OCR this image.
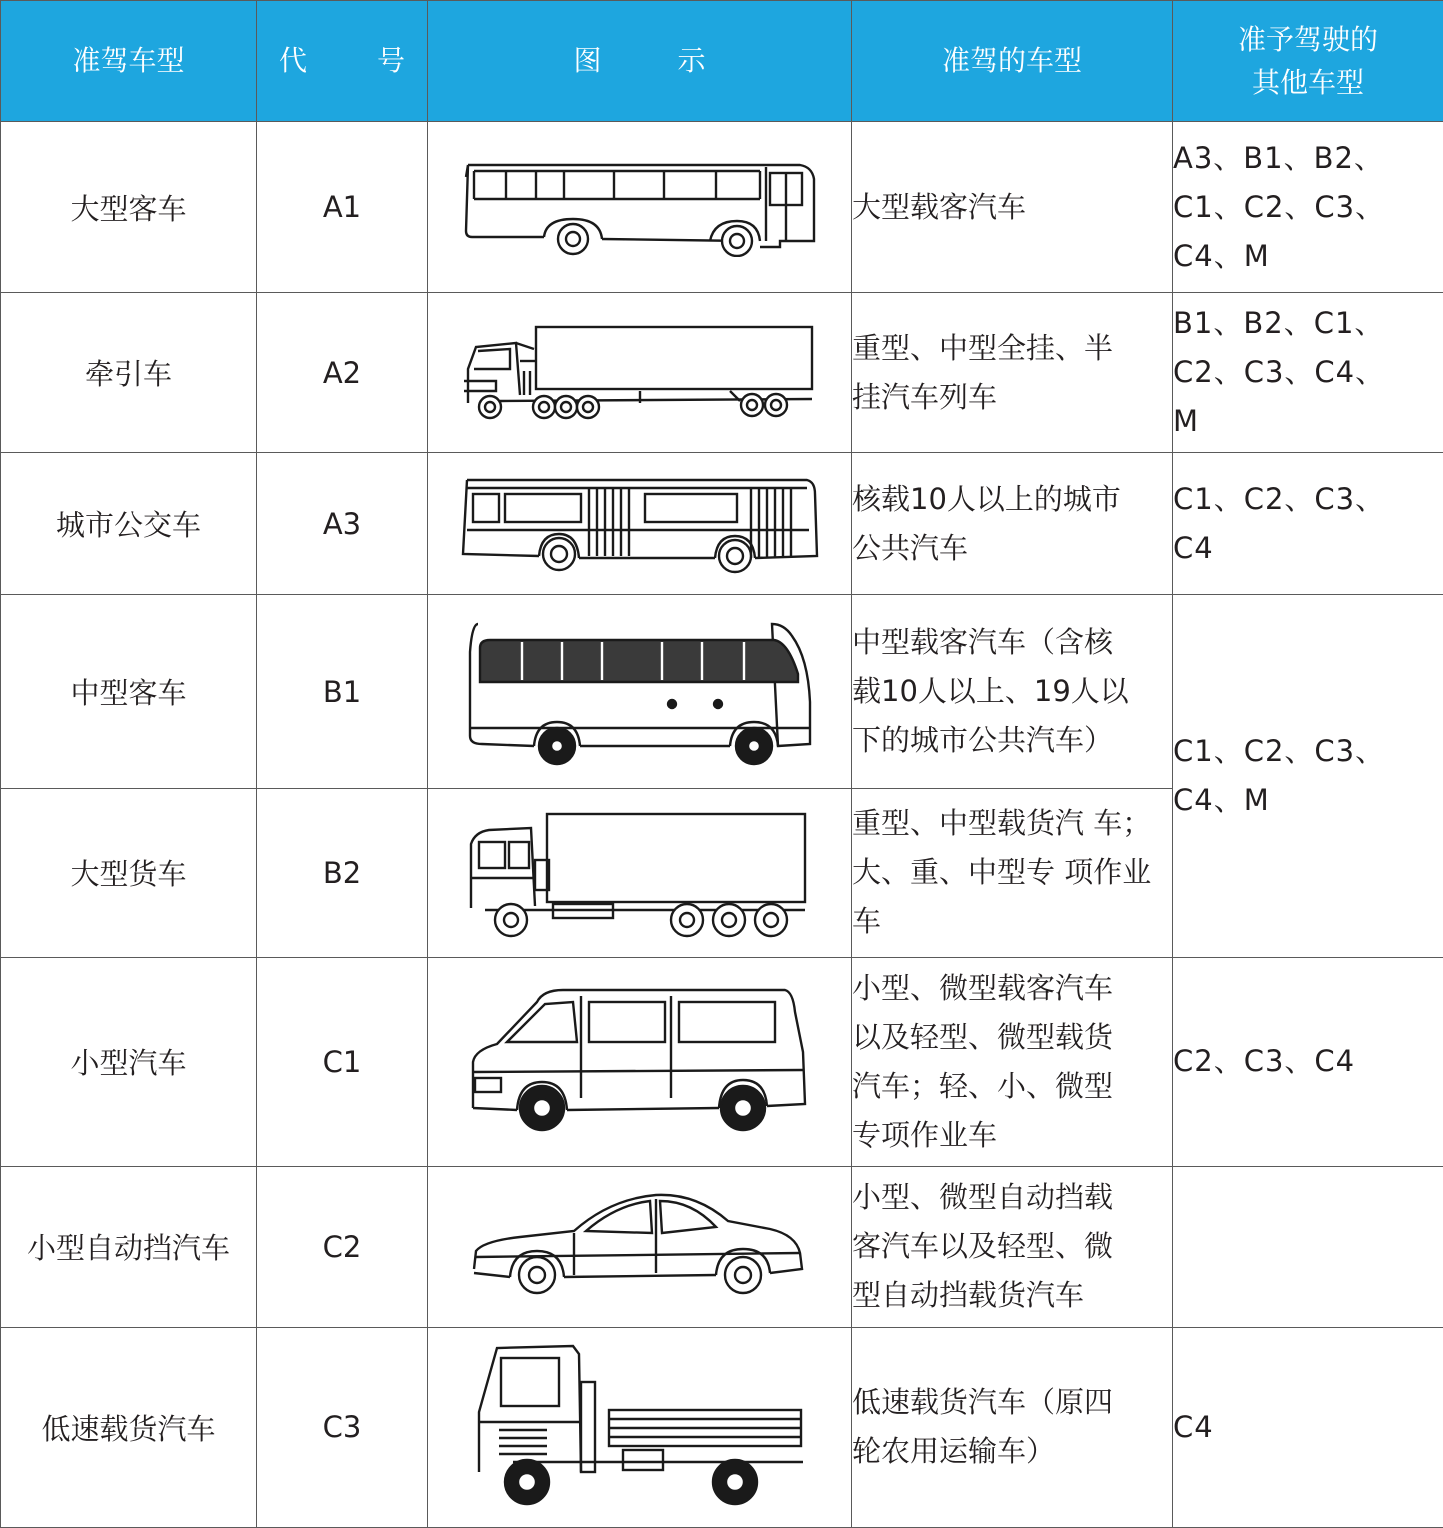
准驾车型	代 号	图 示	准驾的车型	准予驾驶的
其他车型
大型客车	A1		大型载客汽车	A3、B1、B2、
C1、C2、C3、
C4、M
牵引车	A2		重型、中型全挂、半
挂汽车列车	B1、B2、C1、
C2、C3、C4、
M
城市公交车	A3		核载10人以上的城市
公共汽车	C1、C2、C3、
C4
中型客车	B1		中型载客汽车（含核
载10人以上、19人以
下的城市公共汽车）	C1、C2、C3、
C4、M
大型货车	B2		重型、中型载货汽 车；大、重、中型专 项作业车	
小型汽车	C1		小型、微型载客汽车
以及轻型、微型载货
汽车；轻、小、微型
专项作业车	C2、C3、C4
小型自动挡汽车	C2		小型、微型自动挡载
客汽车以及轻型、微
型自动挡载货汽车	
低速载货汽车	C3		低速载货汽车（原四
轮农用运输车）	C4
